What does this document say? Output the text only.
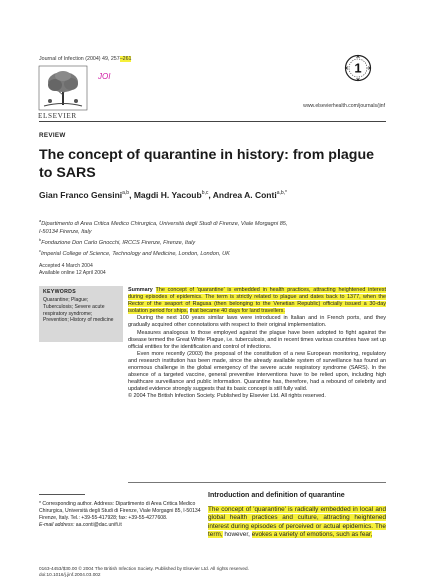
Journal of Infection (2004) 49, 257–261
JOI
ELSEVIER
1
www.elsevierhealth.com/journals/jinf
REVIEW
The concept of quarantine in history: from plague to SARS
Gian Franco Gensini$^{a,b}$, Magdi H. Yacoub$^{b,c}$, Andrea A. Conti$^{a,b,*}$
$^a$Dipartimento di Area Critica Medico Chirurgica, Università degli Studi di Firenze, Viale Morgagni 85,
I-50134 Firenze, Italy
$^b$Fondazione Don Carlo Gnocchi, IRCCS Firenze, Firenze, Italy
$^c$Imperial College of Science, Technology and Medicine, London, London, UK
Accepted 4 March 2004
Available online 12 April 2004
KEYWORDS
Quarantine; Plague; Tuberculosis; Severe acute respiratory syndrome; Prevention; History of medicine

Summary The concept of 'quarantine' is embedded in health practices, attracting heightened interest during episodes of epidemics. The term is strictly related to plague and dates back to 1377, when the Rector of the seaport of Ragusa (then belonging to the Venetian Republic) officially issued a 30-day isolation period for ships, that became 40 days for land travellers.

During the next 100 years similar laws were introduced in Italian and in French ports, and they gradually acquired other connotations with respect to their original implementation.

Measures analogous to those employed against the plague have been adopted to fight against the disease termed the Great White Plague, i.e. tuberculosis, and in recent times various countries have set up official entities for the identification and control of infections.

Even more recently (2003) the proposal of the constitution of a new European monitoring, regulatory and research institution has been made, since the already available system of surveillance has found an enormous challenge in the global emergency of the severe acute respiratory syndrome (SARS). In the absence of a targeted vaccine, general preventive interventions have to be relied upon, including high healthcare surveillance and public information. Quarantine has, therefore, had a rebound of celebrity and updated evidence strongly suggests that its basic concept is still fully valid.

© 2004 The British Infection Society. Published by Elsevier Ltd. All rights reserved.

* Corresponding author. Address: Dipartimento di Area Critica Medico Chirurgica, Università degli Studi di Firenze, Viale Morgagni 85, I-50134 Firenze, Italy. Tel.: +39-55-417928; fax: +39-55-4277608.
E-mail address: aa.conti@dac.unifi.it
Introduction and definition of quarantine
The concept of 'quarantine' is radically embedded in local and global health practices and culture, attracting heightened interest during episodes of perceived or actual epidemics. The term, however, evokes a variety of emotions, such as fear,
0163-4453/$30.00 © 2004 The British Infection Society. Published by Elsevier Ltd. All rights reserved.
doi:10.1016/j.jinf.2004.03.002
